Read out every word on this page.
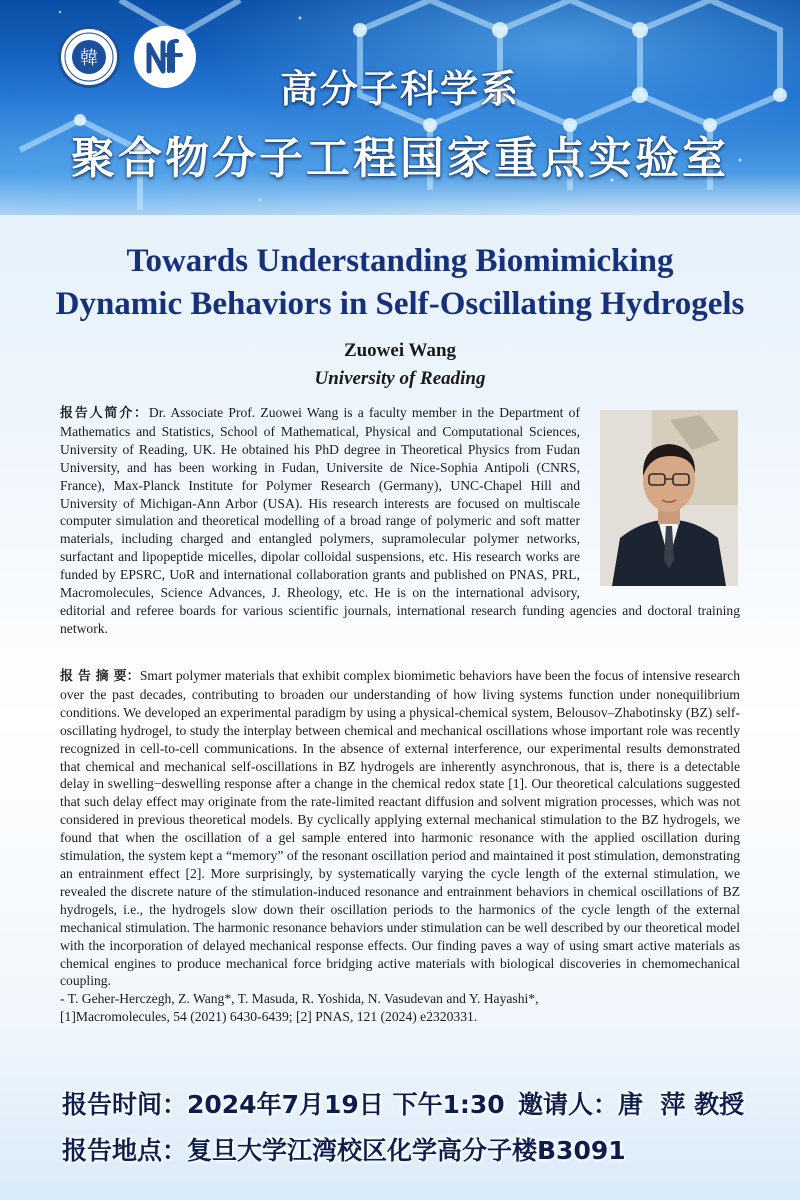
韓
高分子科学系
聚合物分子工程国家重点实验室
Towards Understanding Biomimicking
Dynamic Behaviors in Self-Oscillating Hydrogels
Zuowei Wang
University of Reading
报告人简介：Dr. Associate Prof. Zuowei Wang is a faculty member in the Department of Mathematics and Statistics, School of Mathematical, Physical and Computational Sciences, University of Reading, UK. He obtained his PhD degree in Theoretical Physics from Fudan University, and has been working in Fudan, Universite de Nice-Sophia Antipoli (CNRS, France), Max-Planck Institute for Polymer Research (Germany), UNC-Chapel Hill and University of Michigan-Ann Arbor (USA). His research interests are focused on multiscale computer simulation and theoretical modelling of a broad range of polymeric and soft matter materials, including charged and entangled polymers, supramolecular polymer networks, surfactant and lipopeptide micelles, dipolar colloidal suspensions, etc. His research works are funded by EPSRC, UoR and international collaboration grants and published on PNAS, PRL, Macromolecules, Science Advances, J. Rheology, etc. He is on the international advisory, editorial and referee boards for various scientific journals, international research funding agencies and doctoral training network.
报 告 摘 要：Smart polymer materials that exhibit complex biomimetic behaviors have been the focus of intensive research over the past decades, contributing to broaden our understanding of how living systems function under nonequilibrium conditions. We developed an experimental paradigm by using a physical-chemical system, Belousov–Zhabotinsky (BZ) self-oscillating hydrogel, to study the interplay between chemical and mechanical oscillations whose important role was recently recognized in cell-to-cell communications. In the absence of external interference, our experimental results demonstrated that chemical and mechanical self-oscillations in BZ hydrogels are inherently asynchronous, that is, there is a detectable delay in swelling−deswelling response after a change in the chemical redox state [1]. Our theoretical calculations suggested that such delay effect may originate from the rate-limited reactant diffusion and solvent migration processes, which was not considered in previous theoretical models. By cyclically applying external mechanical stimulation to the BZ hydrogels, we found that when the oscillation of a gel sample entered into harmonic resonance with the applied oscillation during stimulation, the system kept a “memory” of the resonant oscillation period and maintained it post stimulation, demonstrating an entrainment effect [2]. More surprisingly, by systematically varying the cycle length of the external stimulation, we revealed the discrete nature of the stimulation-induced resonance and entrainment behaviors in chemical oscillations of BZ hydrogels, i.e., the hydrogels slow down their oscillation periods to the harmonics of the cycle length of the external mechanical stimulation. The harmonic resonance behaviors under stimulation can be well described by our theoretical model with the incorporation of delayed mechanical response effects. Our finding paves a way of using smart active materials as chemical engines to produce mechanical force bridging active materials with biological discoveries in chemomechanical coupling.
- T. Geher-Herczegh, Z. Wang*, T. Masuda, R. Yoshida, N. Vasudevan and Y. Hayashi*,
[1]Macromolecules, 54 (2021) 6430-6439; [2] PNAS, 121 (2024) e2320331.
报告时间：2024年7月19日 下午1:30 邀请人：唐  萍 教授
报告地点：复旦大学江湾校区化学高分子楼B3091
